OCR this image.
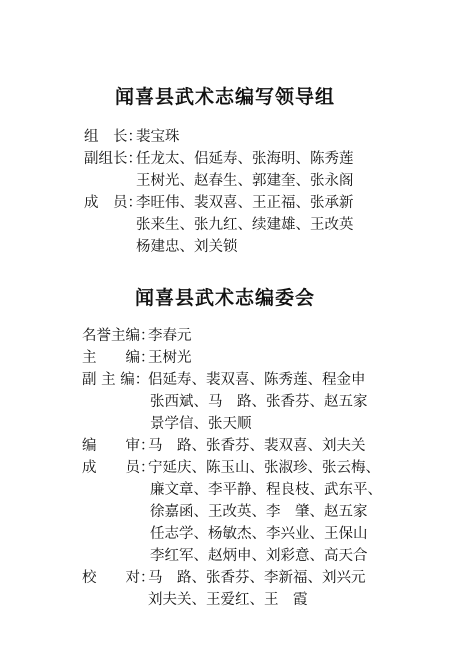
闻喜县武术志编写领导组
组　长：
裴宝珠
副组长：
任龙太、侣延寿、张海明、陈秀莲
王树光、赵春生、郭建奎、张永阁
成　员：
李旺伟、裴双喜、王正福、张承新
张来生、张九红、续建雄、王改英
杨建忠、刘关锁
闻喜县武术志编委会
名誉主编：
李春元
主　　编：
王树光
副 主 编：
侣延寿、裴双喜、陈秀莲、程金申
张西斌、马　路、张香芬、赵五家
景学信、张天顺
编　　审：
马　路、张香芬、裴双喜、刘夫关
成　　员：
宁延庆、陈玉山、张淑珍、张云梅、
廉文章、李平静、程良枝、武东平、
徐嘉函、王改英、李　肇、赵五家
任志学、杨敏杰、李兴业、王保山
李红军、赵炳申、刘彩意、高天合
校　　对：
马　路、张香芬、李新福、刘兴元
刘夫关、王爱红、王　霞
